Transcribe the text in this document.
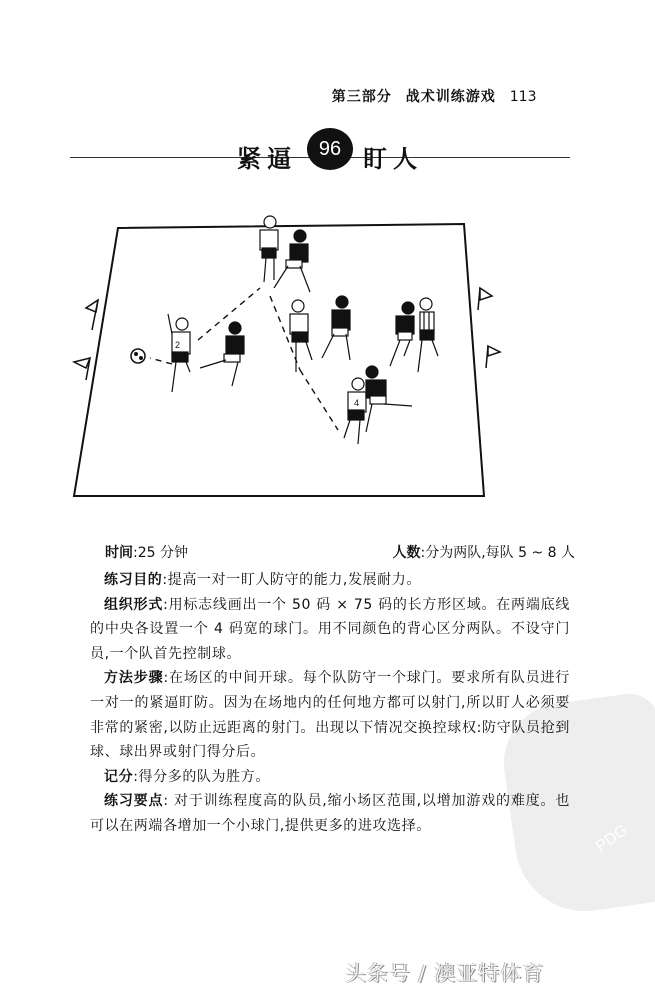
第三部分 战术训练游戏 113

紧逼	96 盯人
2
4
时间:25 分钟	人数:分为两队,每队 5 ~ 8 人
PDG

练习目的:提高一对一盯人防守的能力,发展耐力。

组织形式:用标志线画出一个 50 码 × 75 码的长方形区域。在两端底线的中央各设置一个 4 码宽的球门。用不同颜色的背心区分两队。不设守门员,一个队首先控制球。

方法步骤:在场区的中间开球。每个队防守一个球门。要求所有队员进行一对一的紧逼盯防。因为在场地内的任何地方都可以射门,所以盯人必须要非常的紧密,以防止远距离的射门。出现以下情况交换控球权:防守队员抢到球、球出界或射门得分后。

记分:得分多的队为胜方。

练习要点: 对于训练程度高的队员,缩小场区范围,以增加游戏的难度。也可以在两端各增加一个小球门,提供更多的进攻选择。

头条号 / 澳亚特体育
